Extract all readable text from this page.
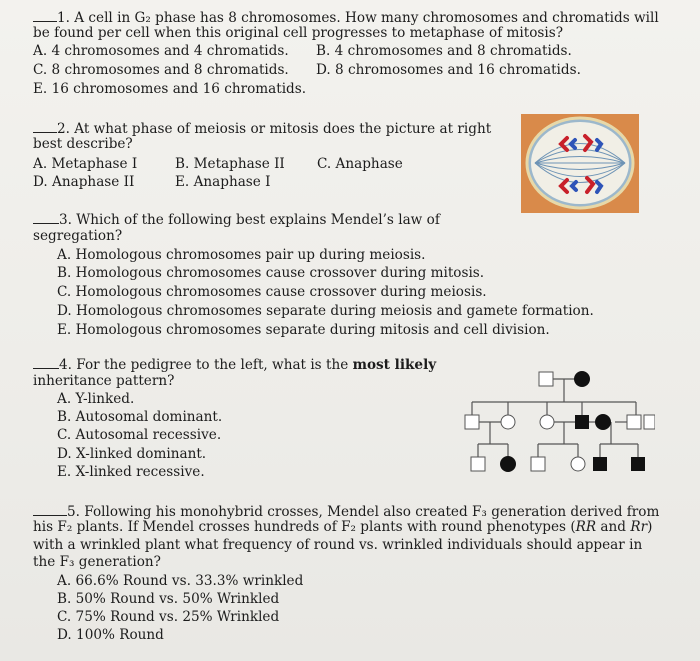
1. A cell in G₂ phase has 8 chromosomes. How many chromosomes and chromatids will
be found per cell when this original cell progresses to metaphase of mitosis?
A. 4 chromosomes and 4 chromatids. B. 4 chromosomes and 8 chromatids.
C. 8 chromosomes and 8 chromatids. D. 8 chromosomes and 16 chromatids.
E. 16 chromosomes and 16 chromatids.
2. At what phase of meiosis or mitosis does the picture at right
best describe?
A. Metaphase I	B. Metaphase II C. Anaphase
D. Anaphase II	E. Anaphase I
3. Which of the following best explains Mendel’s law of
segregation?
A. Homologous chromosomes pair up during meiosis.
B. Homologous chromosomes cause crossover during mitosis.
C. Homologous chromosomes cause crossover during meiosis.
D. Homologous chromosomes separate during meiosis and gamete formation.
E. Homologous chromosomes separate during mitosis and cell division.
4. For the pedigree to the left, what is the most likely
inheritance pattern?
A. Y-linked.
B. Autosomal dominant.
C. Autosomal recessive.
D. X-linked dominant.
E. X-linked recessive.
5. Following his monohybrid crosses, Mendel also created F₃ generation derived from
his F₂ plants. If Mendel crosses hundreds of F₂ plants with round phenotypes (RR and Rr)
with a wrinkled plant what frequency of round vs. wrinkled individuals should appear in
the F₃ generation?
A. 66.6% Round vs. 33.3% wrinkled
B. 50% Round vs. 50% Wrinkled
C. 75% Round vs. 25% Wrinkled
D. 100% Round
